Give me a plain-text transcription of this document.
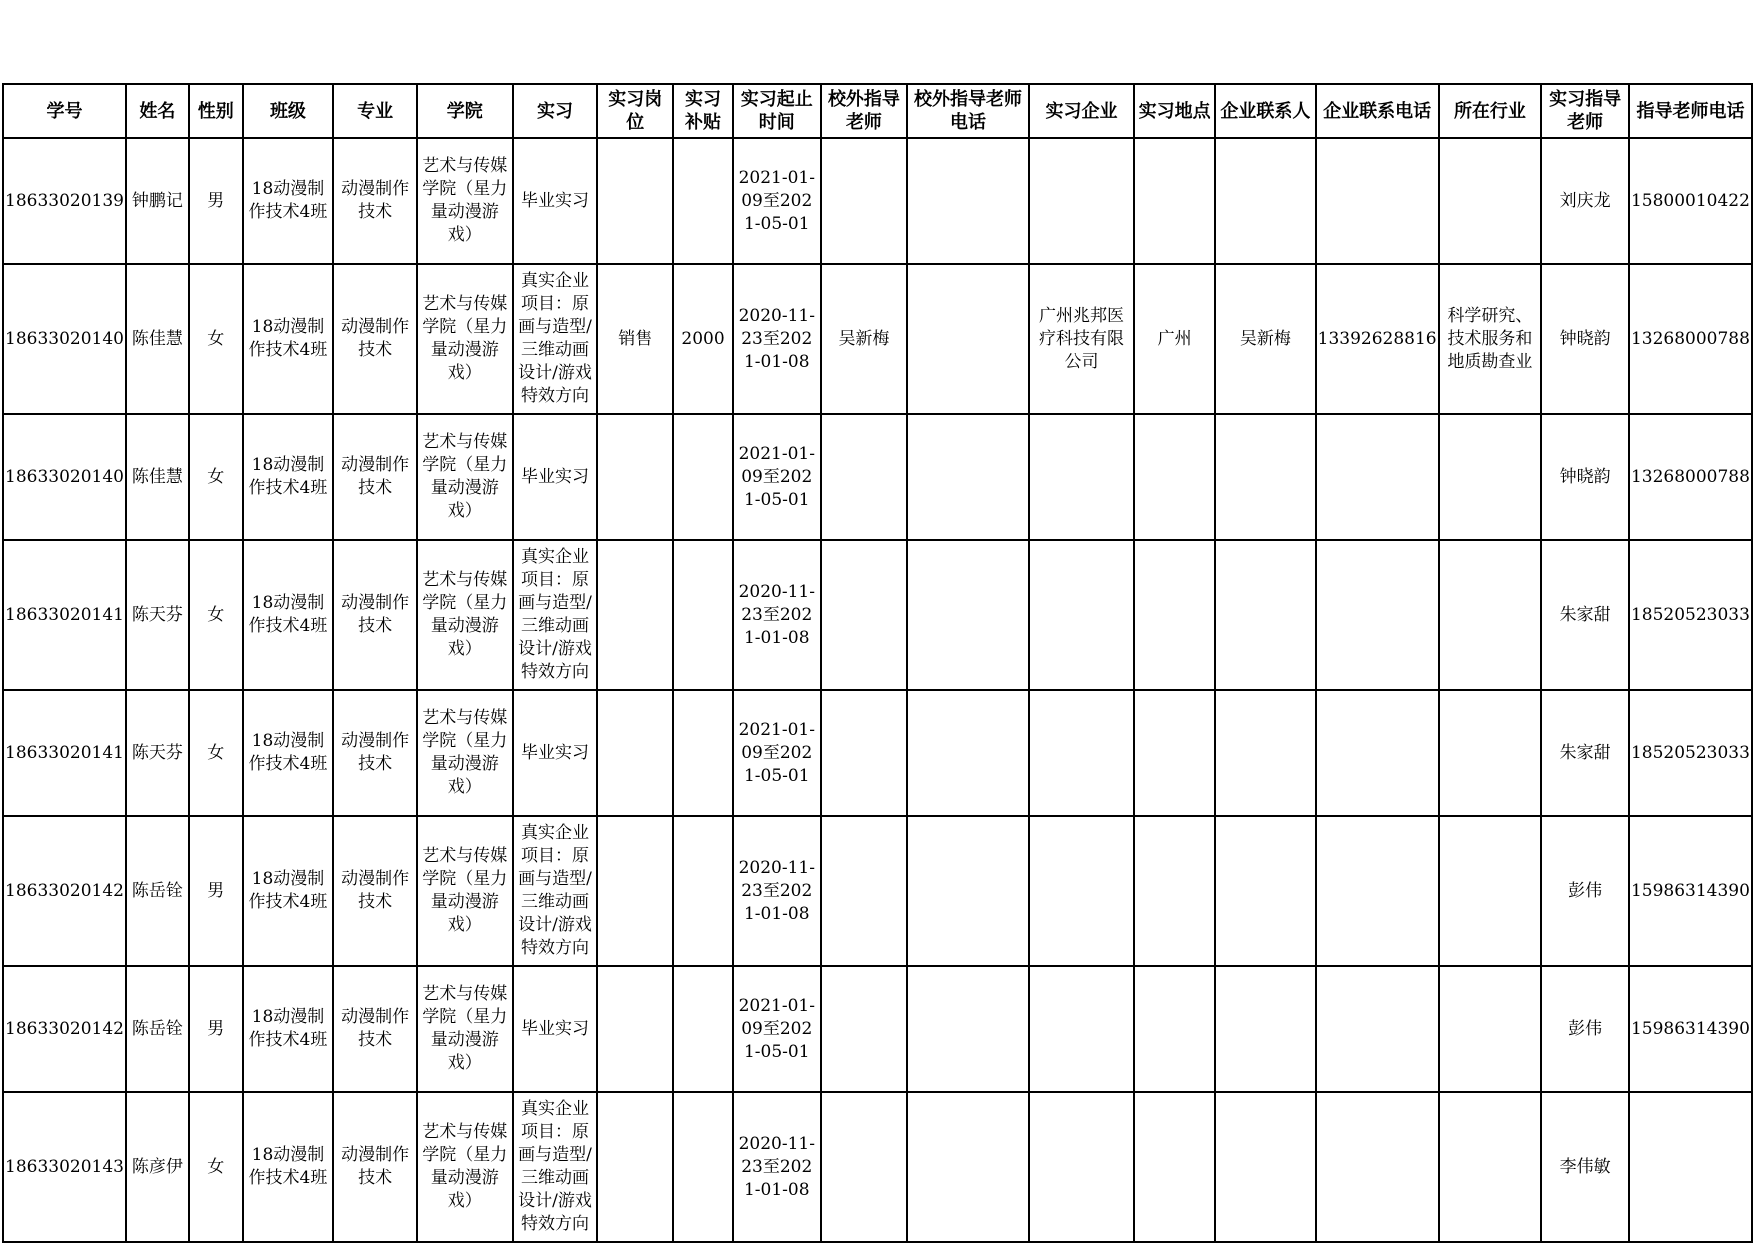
学号	姓名	性别	班级	专业	学院	实习	实习岗位	实习补贴	实习起止时间	校外指导老师	校外指导老师电话	实习企业	实习地点	企业联系人	企业联系电话	所在行业	实习指导老师	指导老师电话

18633020139	钟鹏记	男	18动漫制作技术4班	动漫制作技术	艺术与传媒学院（星力量动漫游戏）	毕业实习			2021-01-09至2021-05-01								刘庆龙	15800010422

18633020140	陈佳慧	女	18动漫制作技术4班	动漫制作技术	艺术与传媒学院（星力量动漫游戏）	真实企业项目：原画与造型/三维动画设计/游戏特效方向	销售	2000	2020-11-23至2021-01-08	吴新梅		广州兆邦医疗科技有限公司	广州	吴新梅	13392628816	科学研究、技术服务和地质勘查业	钟晓韵	13268000788

18633020140	陈佳慧	女	18动漫制作技术4班	动漫制作技术	艺术与传媒学院（星力量动漫游戏）	毕业实习			2021-01-09至2021-05-01								钟晓韵	13268000788

18633020141	陈天芬	女	18动漫制作技术4班	动漫制作技术	艺术与传媒学院（星力量动漫游戏）	真实企业项目：原画与造型/三维动画设计/游戏特效方向			2020-11-23至2021-01-08								朱家甜	18520523033

18633020141	陈天芬	女	18动漫制作技术4班	动漫制作技术	艺术与传媒学院（星力量动漫游戏）	毕业实习			2021-01-09至2021-05-01								朱家甜	18520523033

18633020142	陈岳铨	男	18动漫制作技术4班	动漫制作技术	艺术与传媒学院（星力量动漫游戏）	真实企业项目：原画与造型/三维动画设计/游戏特效方向			2020-11-23至2021-01-08								彭伟	15986314390

18633020142	陈岳铨	男	18动漫制作技术4班	动漫制作技术	艺术与传媒学院（星力量动漫游戏）	毕业实习			2021-01-09至2021-05-01								彭伟	15986314390

18633020143	陈彦伊	女	18动漫制作技术4班	动漫制作技术	艺术与传媒学院（星力量动漫游戏）	真实企业项目：原画与造型/三维动画设计/游戏特效方向			2020-11-23至2021-01-08								李伟敏	
